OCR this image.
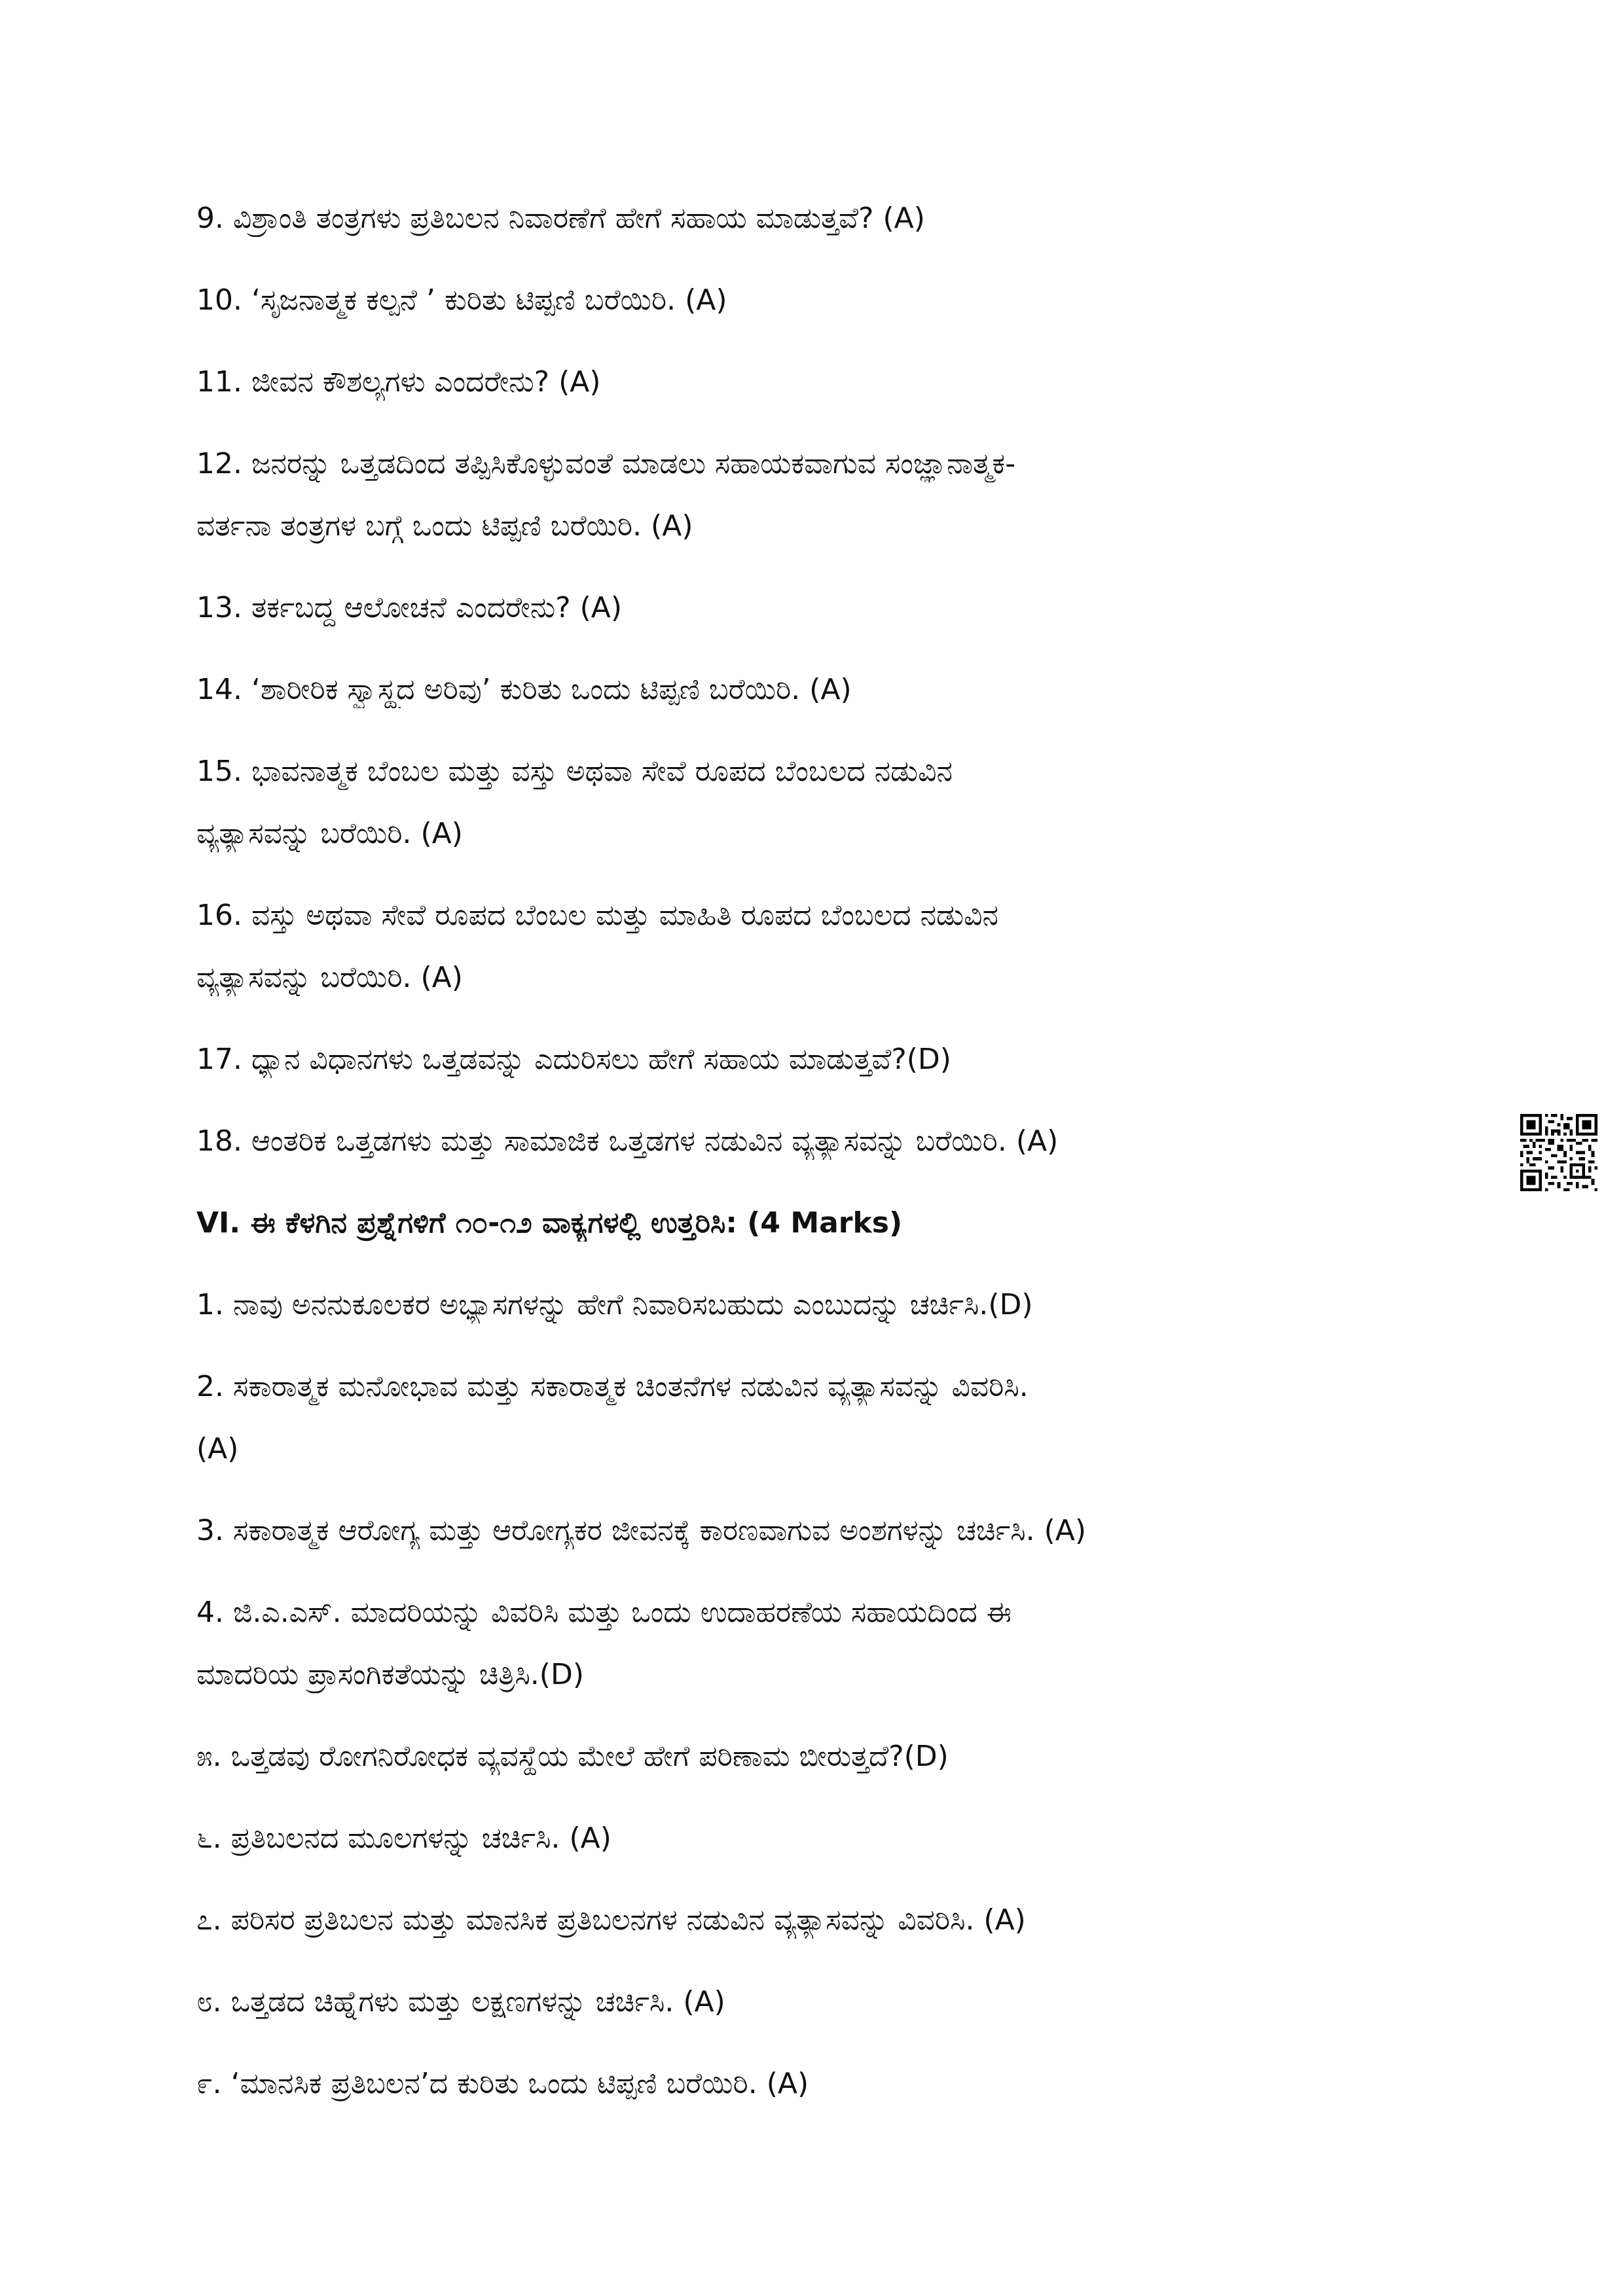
9. ವಿಶ್ರಾಂತಿ ತಂತ್ರಗಳು ಪ್ರತಿಬಲನ ನಿವಾರಣೆಗೆ ಹೇಗೆ ಸಹಾಯ ಮಾಡುತ್ತವೆ? (A)
10. ‘ಸೃಜನಾತ್ಮಕ ಕಲ್ಪನೆ ’ ಕುರಿತು ಟಿಪ್ಪಣಿ ಬರೆಯಿರಿ. (A)
11. ಜೀವನ ಕೌಶಲ್ಯಗಳು ಎಂದರೇನು? (A)
12. ಜನರನ್ನು ಒತ್ತಡದಿಂದ ತಪ್ಪಿಸಿಕೊಳ್ಳುವಂತೆ ಮಾಡಲು ಸಹಾಯಕವಾಗುವ ಸಂಜ್ಞಾನಾತ್ಮಕ-
ವರ್ತನಾ ತಂತ್ರಗಳ ಬಗ್ಗೆ ಒಂದು ಟಿಪ್ಪಣಿ ಬರೆಯಿರಿ. (A)
13. ತರ್ಕಬದ್ಧ ಆಲೋಚನೆ ಎಂದರೇನು? (A)
14. ‘ಶಾರೀರಿಕ ಸ್ವಾಸ್ಥ್ಯದ ಅರಿವು’ ಕುರಿತು ಒಂದು ಟಿಪ್ಪಣಿ ಬರೆಯಿರಿ. (A)
15. ಭಾವನಾತ್ಮಕ ಬೆಂಬಲ ಮತ್ತು ವಸ್ತು ಅಥವಾ ಸೇವೆ ರೂಪದ ಬೆಂಬಲದ ನಡುವಿನ
ವ್ಯತ್ಯಾಸವನ್ನು ಬರೆಯಿರಿ. (A)
16. ವಸ್ತು ಅಥವಾ ಸೇವೆ ರೂಪದ ಬೆಂಬಲ ಮತ್ತು ಮಾಹಿತಿ ರೂಪದ ಬೆಂಬಲದ ನಡುವಿನ
ವ್ಯತ್ಯಾಸವನ್ನು ಬರೆಯಿರಿ. (A)
17. ಧ್ಯಾನ ವಿಧಾನಗಳು ಒತ್ತಡವನ್ನು ಎದುರಿಸಲು ಹೇಗೆ ಸಹಾಯ ಮಾಡುತ್ತವೆ?(D)
18. ಆಂತರಿಕ ಒತ್ತಡಗಳು ಮತ್ತು ಸಾಮಾಜಿಕ ಒತ್ತಡಗಳ ನಡುವಿನ ವ್ಯತ್ಯಾಸವನ್ನು ಬರೆಯಿರಿ. (A)
VI. ಈ ಕೆಳಗಿನ ಪ್ರಶ್ನೆಗಳಿಗೆ ೧೦-೧೨ ವಾಕ್ಯಗಳಲ್ಲಿ ಉತ್ತರಿಸಿ: (4 Marks)
1. ನಾವು ಅನನುಕೂಲಕರ ಅಭ್ಯಾಸಗಳನ್ನು ಹೇಗೆ ನಿವಾರಿಸಬಹುದು ಎಂಬುದನ್ನು ಚರ್ಚಿಸಿ.(D)
2. ಸಕಾರಾತ್ಮಕ ಮನೋಭಾವ ಮತ್ತು ಸಕಾರಾತ್ಮಕ ಚಿಂತನೆಗಳ ನಡುವಿನ ವ್ಯತ್ಯಾಸವನ್ನು ವಿವರಿಸಿ.
(A)
3. ಸಕಾರಾತ್ಮಕ ಆರೋಗ್ಯ ಮತ್ತು ಆರೋಗ್ಯಕರ ಜೀವನಕ್ಕೆ ಕಾರಣವಾಗುವ ಅಂಶಗಳನ್ನು ಚರ್ಚಿಸಿ. (A)
4. ಜಿ.ಎ.ಎಸ್. ಮಾದರಿಯನ್ನು ವಿವರಿಸಿ ಮತ್ತು ಒಂದು ಉದಾಹರಣೆಯ ಸಹಾಯದಿಂದ ಈ
ಮಾದರಿಯ ಪ್ರಾಸಂಗಿಕತೆಯನ್ನು ಚಿತ್ರಿಸಿ.(D)
೫. ಒತ್ತಡವು ರೋಗನಿರೋಧಕ ವ್ಯವಸ್ಥೆಯ ಮೇಲೆ ಹೇಗೆ ಪರಿಣಾಮ ಬೀರುತ್ತದೆ?(D)
೬. ಪ್ರತಿಬಲನದ ಮೂಲಗಳನ್ನು ಚರ್ಚಿಸಿ. (A)
೭. ಪರಿಸರ ಪ್ರತಿಬಲನ ಮತ್ತು ಮಾನಸಿಕ ಪ್ರತಿಬಲನಗಳ ನಡುವಿನ ವ್ಯತ್ಯಾಸವನ್ನು ವಿವರಿಸಿ. (A)
೮. ಒತ್ತಡದ ಚಿಹ್ನೆಗಳು ಮತ್ತು ಲಕ್ಷಣಗಳನ್ನು ಚರ್ಚಿಸಿ. (A)
೯. ‘ಮಾನಸಿಕ ಪ್ರತಿಬಲನ’ದ ಕುರಿತು ಒಂದು ಟಿಪ್ಪಣಿ ಬರೆಯಿರಿ. (A)
